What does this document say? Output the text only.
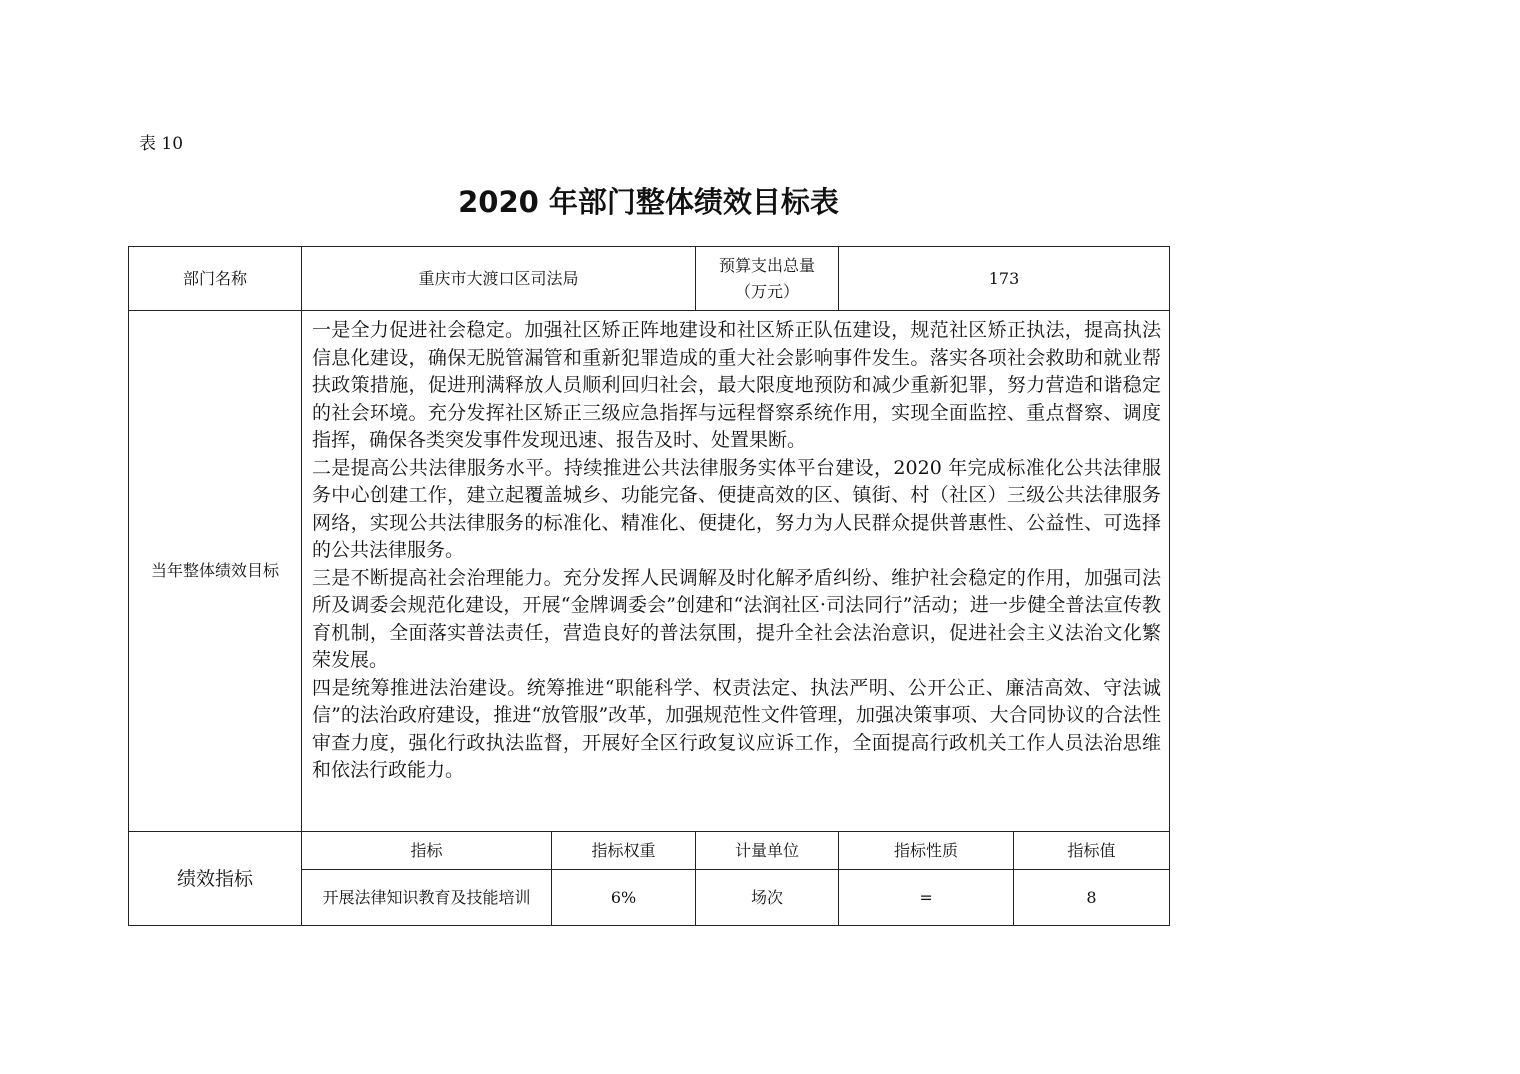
表 10
2020 年部门整体绩效目标表
部门名称	重庆市大渡口区司法局		预算支出总量（万元）	173	
当年整体绩效目标	一是全力促进社会稳定。加强社区矫正阵地建设和社区矫正队伍建设，规范社区矫正执法，提高执法信息化建设，确保无脱管漏管和重新犯罪造成的重大社会影响事件发生。落实各项社会救助和就业帮扶政策措施，促进刑满释放人员顺利回归社会，最大限度地预防和减少重新犯罪，努力营造和谐稳定的社会环境。充分发挥社区矫正三级应急指挥与远程督察系统作用，实现全面监控、重点督察、调度指挥，确保各类突发事件发现迅速、报告及时、处置果断。

二是提高公共法律服务水平。持续推进公共法律服务实体平台建设，2020 年完成标准化公共法律服务中心创建工作，建立起覆盖城乡、功能完备、便捷高效的区、镇街、村（社区）三级公共法律服务网络，实现公共法律服务的标准化、精准化、便捷化，努力为人民群众提供普惠性、公益性、可选择的公共法律服务。

三是不断提高社会治理能力。充分发挥人民调解及时化解矛盾纠纷、维护社会稳定的作用，加强司法所及调委会规范化建设，开展“金牌调委会”创建和“法润社区·司法同行”活动；进一步健全普法宣传教育机制，全面落实普法责任，营造良好的普法氛围，提升全社会法治意识，促进社会主义法治文化繁荣发展。

四是统筹推进法治建设。统筹推进“职能科学、权责法定、执法严明、公开公正、廉洁高效、守法诚信”的法治政府建设，推进“放管服”改革，加强规范性文件管理，加强决策事项、大合同协议的合法性审查力度，强化行政执法监督，开展好全区行政复议应诉工作，全面提高行政机关工作人员法治思维和依法行政能力。				

绩效指标	指标	指标权重	计量单位	指标性质	指标值
	开展法律知识教育及技能培训	6%	场次	=	8
